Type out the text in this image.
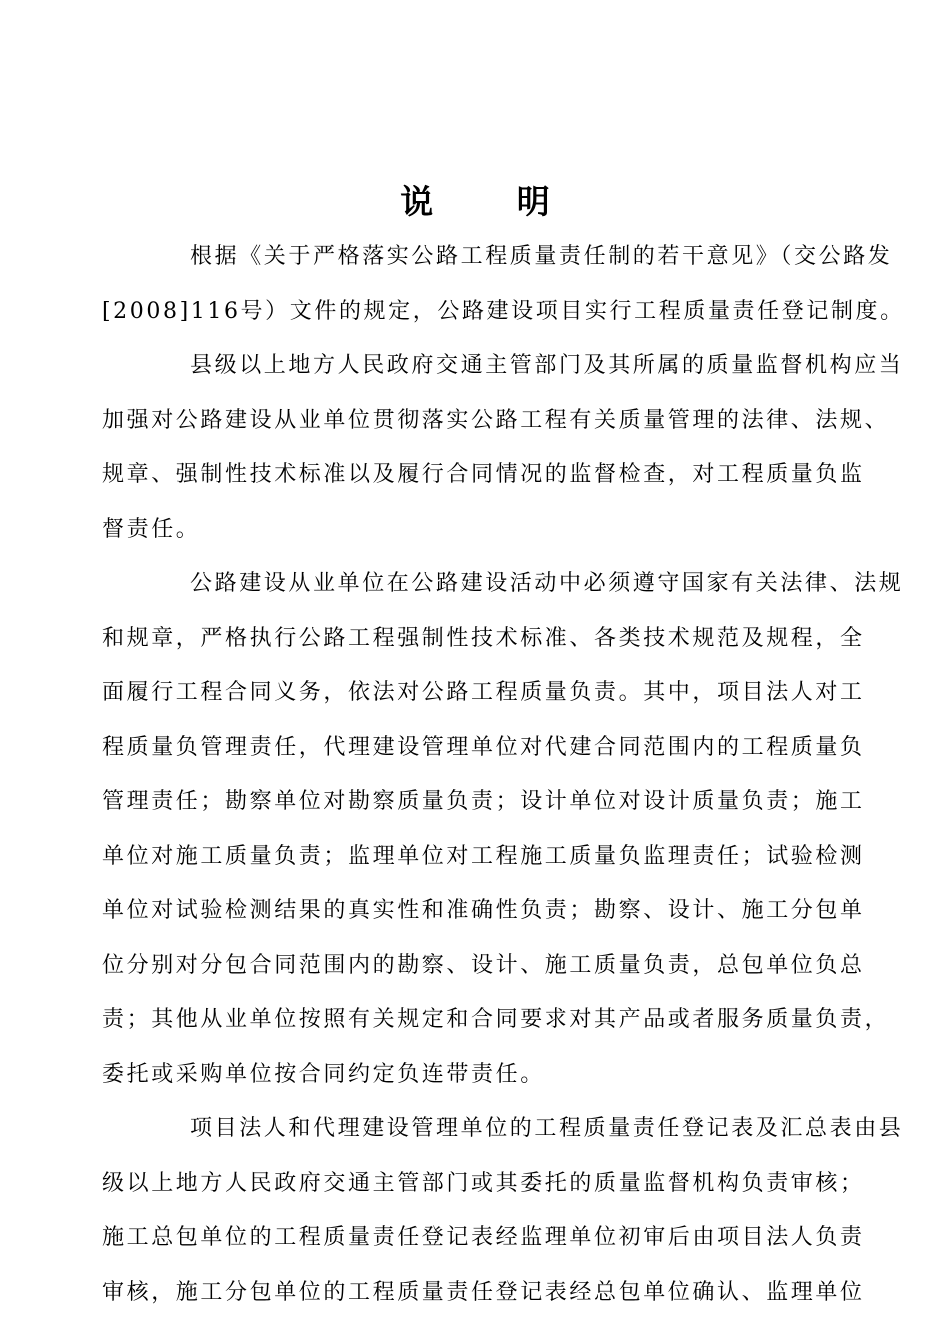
说 明

根据《关于严格落实公路工程质量责任制的若干意见》（交公路发
[2008]116号）文件的规定，公路建设项目实行工程质量责任登记制度。

县级以上地方人民政府交通主管部门及其所属的质量监督机构应当
加强对公路建设从业单位贯彻落实公路工程有关质量管理的法律、法规、
规章、强制性技术标准以及履行合同情况的监督检查，对工程质量负监
督责任。

公路建设从业单位在公路建设活动中必须遵守国家有关法律、法规
和规章，严格执行公路工程强制性技术标准、各类技术规范及规程，全
面履行工程合同义务，依法对公路工程质量负责。其中，项目法人对工
程质量负管理责任，代理建设管理单位对代建合同范围内的工程质量负
管理责任；勘察单位对勘察质量负责；设计单位对设计质量负责；施工
单位对施工质量负责；监理单位对工程施工质量负监理责任；试验检测
单位对试验检测结果的真实性和准确性负责；勘察、设计、施工分包单
位分别对分包合同范围内的勘察、设计、施工质量负责，总包单位负总
责；其他从业单位按照有关规定和合同要求对其产品或者服务质量负责，
委托或采购单位按合同约定负连带责任。

项目法人和代理建设管理单位的工程质量责任登记表及汇总表由县
级以上地方人民政府交通主管部门或其委托的质量监督机构负责审核；
施工总包单位的工程质量责任登记表经监理单位初审后由项目法人负责
审核，施工分包单位的工程质量责任登记表经总包单位确认、监理单位
